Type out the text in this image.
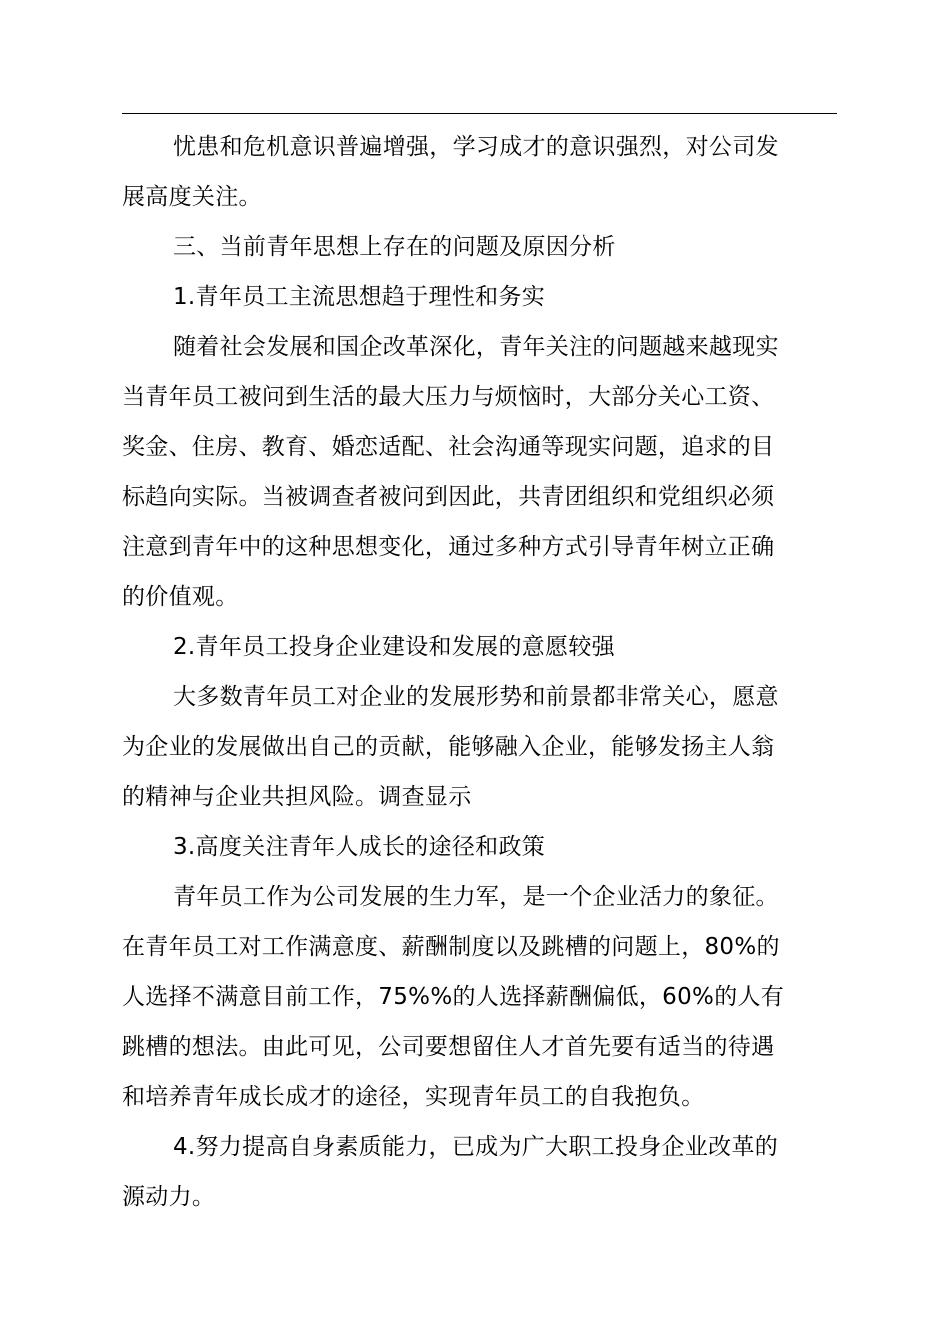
忧患和危机意识普遍增强，学习成才的意识强烈，对公司发
展高度关注。
三、当前青年思想上存在的问题及原因分析
1.青年员工主流思想趋于理性和务实
随着社会发展和国企改革深化，青年关注的问题越来越现实
当青年员工被问到生活的最大压力与烦恼时，大部分关心工资、
奖金、住房、教育、婚恋适配、社会沟通等现实问题，追求的目
标趋向实际。当被调查者被问到因此，共青团组织和党组织必须
注意到青年中的这种思想变化，通过多种方式引导青年树立正确
的价值观。
2.青年员工投身企业建设和发展的意愿较强
大多数青年员工对企业的发展形势和前景都非常关心，愿意
为企业的发展做出自己的贡献，能够融入企业，能够发扬主人翁
的精神与企业共担风险。调查显示
3.高度关注青年人成长的途径和政策
青年员工作为公司发展的生力军，是一个企业活力的象征。
在青年员工对工作满意度、薪酬制度以及跳槽的问题上，80%的
人选择不满意目前工作，75%%的人选择薪酬偏低，60%的人有
跳槽的想法。由此可见，公司要想留住人才首先要有适当的待遇
和培养青年成长成才的途径，实现青年员工的自我抱负。
4.努力提高自身素质能力，已成为广大职工投身企业改革的
源动力。
